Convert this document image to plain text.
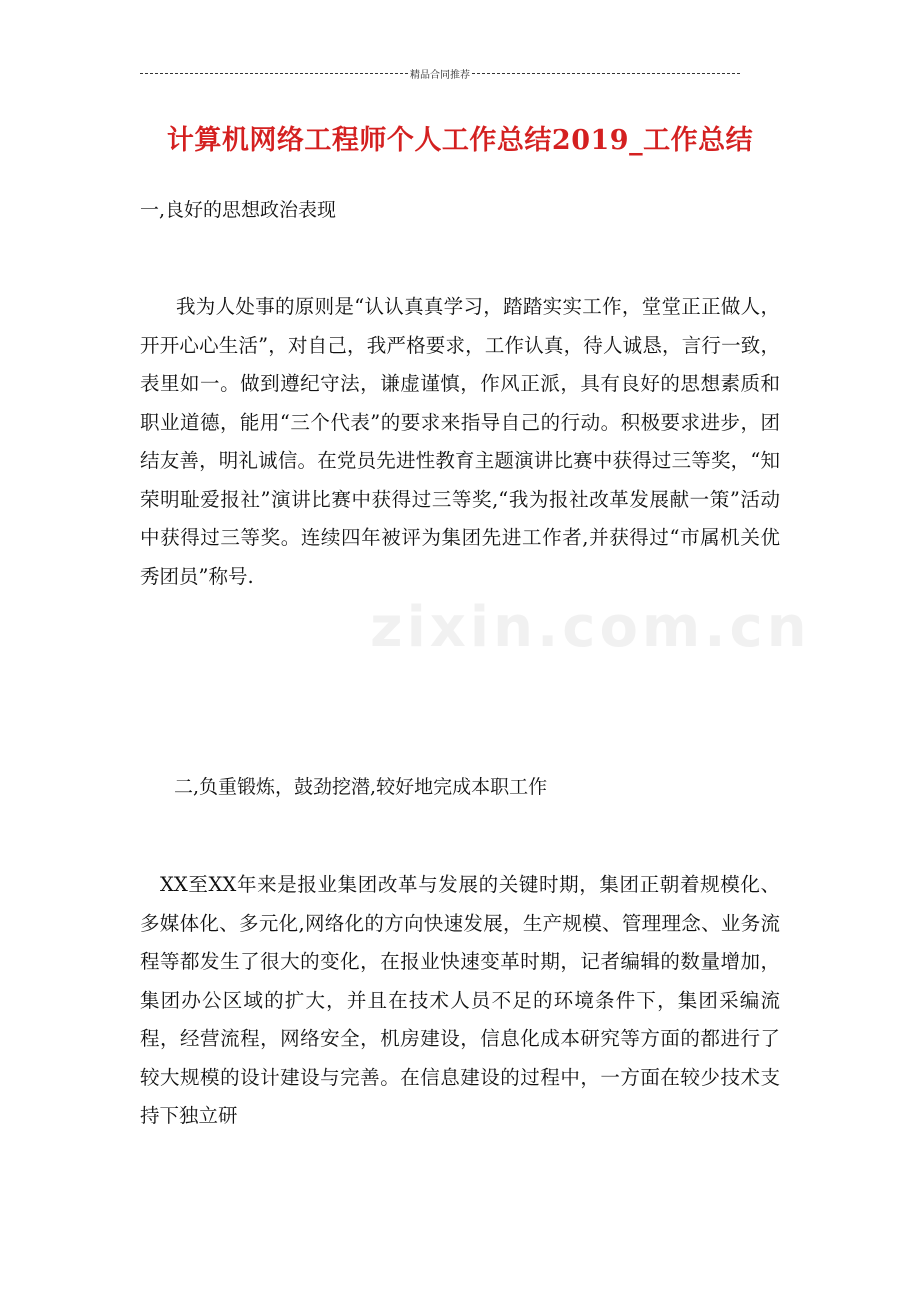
精品合同推荐
计算机网络工程师个人工作总结2019_工作总结
一,良好的思想政治表现
我为人处事的原则是“认认真真学习，踏踏实实工作，堂堂正正做人，开开心心生活”，对自己，我严格要求，工作认真，待人诚恳，言行一致，表里如一。做到遵纪守法，谦虚谨慎，作风正派，具有良好的思想素质和职业道德，能用“三个代表”的要求来指导自己的行动。积极要求进步，团结友善，明礼诚信。在党员先进性教育主题演讲比赛中获得过三等奖，“知荣明耻爱报社”演讲比赛中获得过三等奖,“我为报社改革发展献一策”活动中获得过三等奖。连续四年被评为集团先进工作者,并获得过“市属机关优秀团员”称号.
zixin.com.cn
二,负重锻炼，鼓劲挖潜,较好地完成本职工作
XX至XX年来是报业集团改革与发展的关键时期，集团正朝着规模化、多媒体化、多元化,网络化的方向快速发展，生产规模、管理理念、业务流程等都发生了很大的变化，在报业快速变革时期，记者编辑的数量增加，集团办公区域的扩大，并且在技术人员不足的环境条件下，集团采编流程，经营流程，网络安全，机房建设，信息化成本研究等方面的都进行了较大规模的设计建设与完善。在信息建设的过程中，一方面在较少技术支持下独立研
